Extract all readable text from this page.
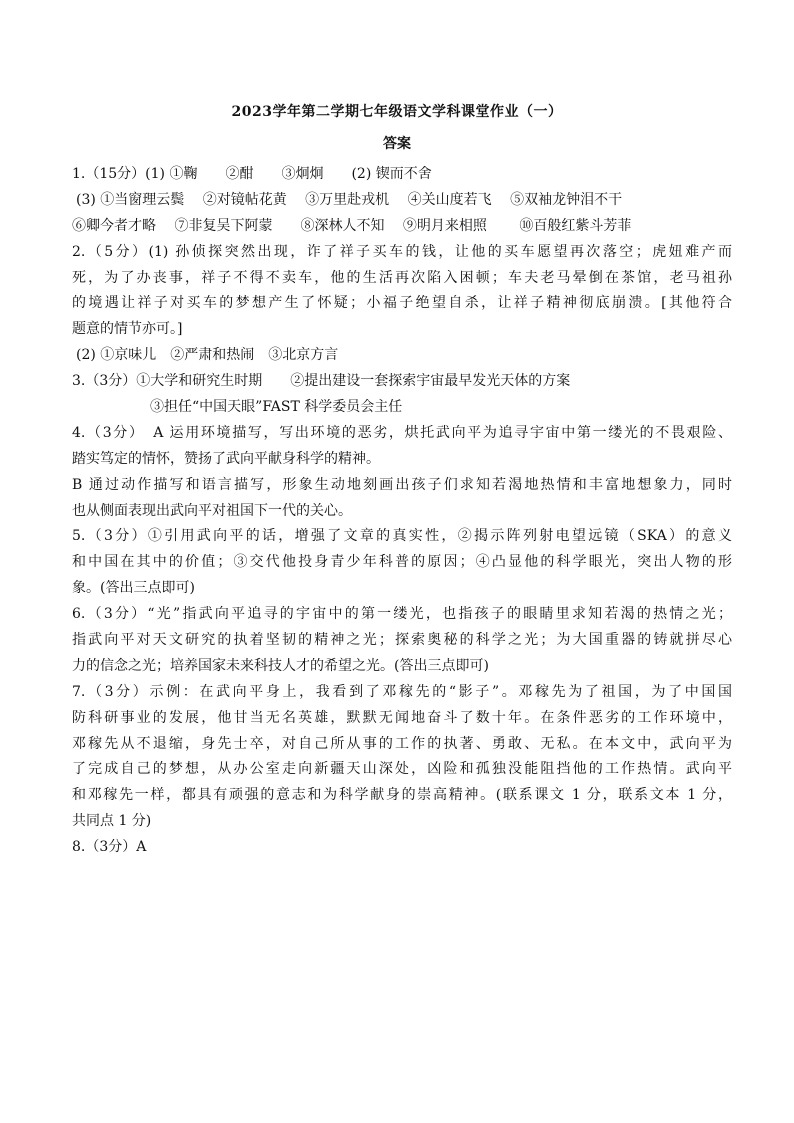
2023学年第二学期七年级语文学科课堂作业（一）
答案
1.（15分）(1) ①鞠　　②酣　　③炯炯　　(2) 锲而不舍
(3) ①当窗理云鬓　 ②对镜帖花黄　 ③万里赴戎机　 ④关山度若飞　 ⑤双袖龙钟泪不干
⑥卿今者才略　 ⑦非复吴下阿蒙　　⑧深林人不知　 ⑨明月来相照　　 ⑩百般红紫斗芳菲
2.（5分）(1) 孙侦探突然出现，诈了祥子买车的钱，让他的买车愿望再次落空；虎妞难产而
死，为了办丧事，祥子不得不卖车，他的生活再次陷入困顿；车夫老马晕倒在茶馆，老马祖孙
的境遇让祥子对买车的梦想产生了怀疑；小福子绝望自杀，让祥子精神彻底崩溃。[其他符合
题意的情节亦可。]
(2) ①京味儿　②严肃和热闹　③北京方言
3.（3分）①大学和研究生时期　　②提出建设一套探索宇宙最早发光天体的方案
③担任“中国天眼”FAST 科学委员会主任
4.（3分）　A 运用环境描写，写出环境的恶劣，烘托武向平为追寻宇宙中第一缕光的不畏艰险、
踏实笃定的情怀，赞扬了武向平献身科学的精神。
B 通过动作描写和语言描写，形象生动地刻画出孩子们求知若渴地热情和丰富地想象力，同时
也从侧面表现出武向平对祖国下一代的关心。
5.（3分）①引用武向平的话，增强了文章的真实性，②揭示阵列射电望远镜（SKA）的意义
和中国在其中的价值；③交代他投身青少年科普的原因；④凸显他的科学眼光，突出人物的形
象。(答出三点即可)
6.（3分）“光”指武向平追寻的宇宙中的第一缕光，也指孩子的眼睛里求知若渴的热情之光；
指武向平对天文研究的执着坚韧的精神之光；探索奥秘的科学之光；为大国重器的铸就拼尽心
力的信念之光；培养国家未来科技人才的希望之光。(答出三点即可)
7.（3分）示例：在武向平身上，我看到了邓稼先的“影子”。邓稼先为了祖国，为了中国国
防科研事业的发展，他甘当无名英雄，默默无闻地奋斗了数十年。在条件恶劣的工作环境中，
邓稼先从不退缩，身先士卒，对自己所从事的工作的执著、勇敢、无私。在本文中，武向平为
了完成自己的梦想，从办公室走向新疆天山深处，凶险和孤独没能阻挡他的工作热情。武向平
和邓稼先一样，都具有顽强的意志和为科学献身的崇高精神。(联系课文 1 分，联系文本 1 分，
共同点 1 分)
8.（3分）A
